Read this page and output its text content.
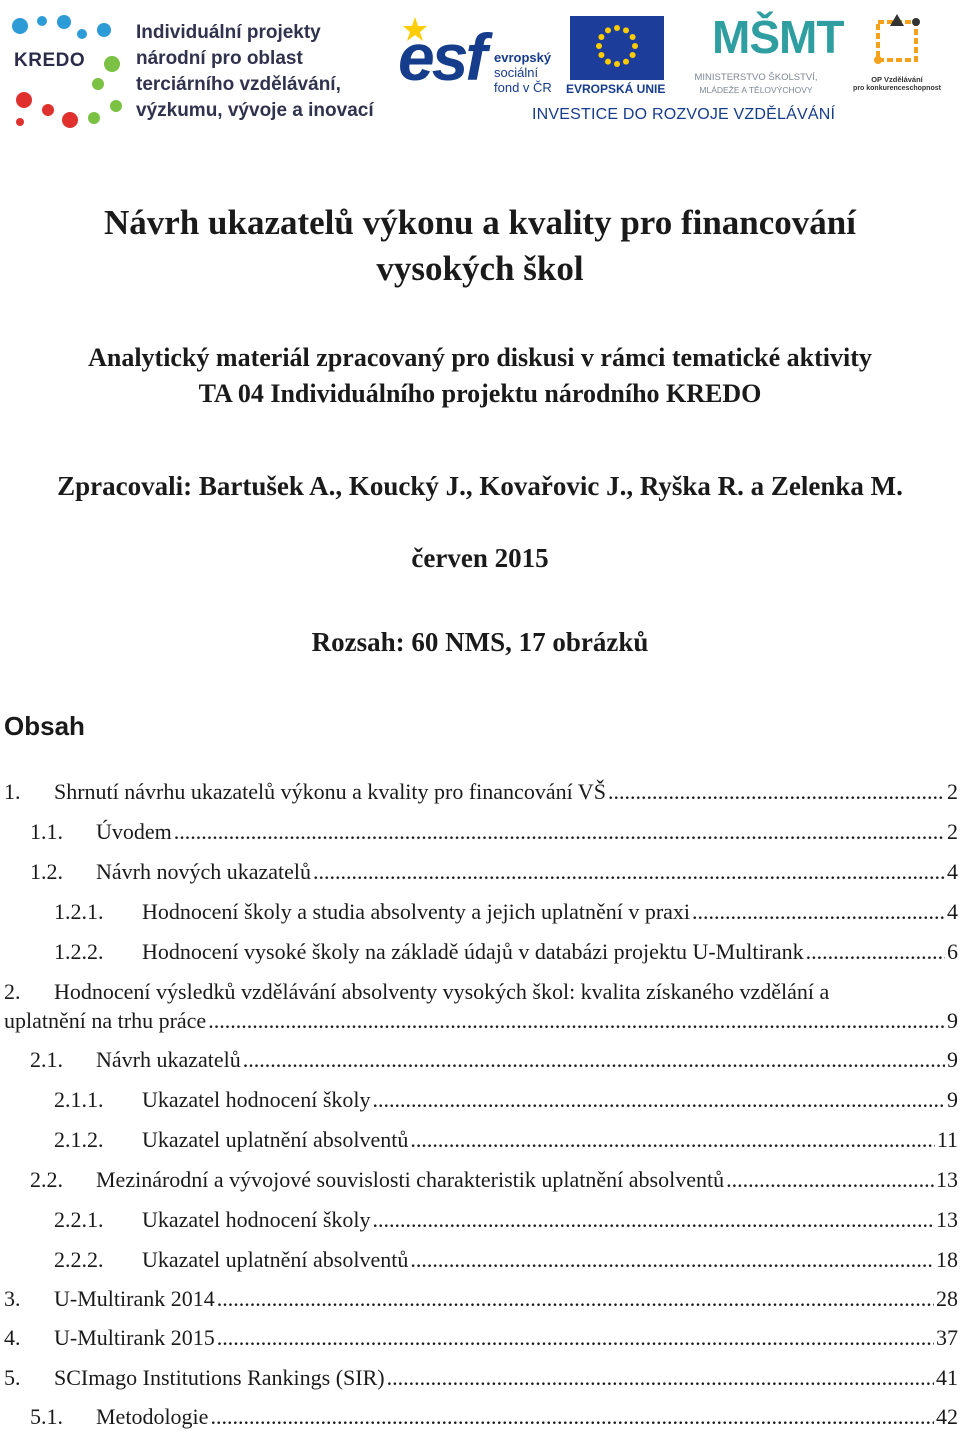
KREDO
Individuální projekty
národní pro oblast
terciárního vzdělávání,
výzkumu, vývoje a inovací
esf evropský
sociální
fond v ČR EVROPSKÁ UNIE
MŠMT
MINISTERSTVO ŠKOLSTVÍ,
MLÁDEŽE A TĚLOVÝCHOVY
OP Vzdělávání
pro konkurenceschopnost
INVESTICE DO ROZVOJE VZDĚLÁVÁNÍ
Návrh ukazatelů výkonu a kvality pro financování
vysokých škol
Analytický materiál zpracovaný pro diskusi v rámci tematické aktivity
TA 04 Individuálního projektu národního KREDO
Zpracovali: Bartušek A., Koucký J., Kovařovic J., Ryška R. a Zelenka M.
červen 2015
Rozsah: 60 NMS, 17 obrázků
Obsah
1. Shrnutí návrhu ukazatelů výkonu a kvality pro financování VŠ .....	2
1.1. Úvodem .....	2
1.2. Návrh nových ukazatelů .....	4
1.2.1. Hodnocení školy a studia absolventy a jejich uplatnění v praxi .....	4
1.2.2. Hodnocení vysoké školy na základě údajů v databázi projektu U-Multirank .....	6
2. Hodnocení výsledků vzdělávání absolventy vysokých škol: kvalita získaného vzdělání a
uplatnění na trhu práce .....	9
2.1. Návrh ukazatelů .....	9
2.1.1. Ukazatel hodnocení školy .....	9
2.1.2. Ukazatel uplatnění absolventů .....	11
2.2. Mezinárodní a vývojové souvislosti charakteristik uplatnění absolventů .....	13
2.2.1. Ukazatel hodnocení školy .....	13
2.2.2. Ukazatel uplatnění absolventů .....	18
3. U-Multirank 2014 .....	28
4. U-Multirank 2015 .....	37
5. SCImago Institutions Rankings (SIR) .....	41
5.1. Metodologie .....	42
